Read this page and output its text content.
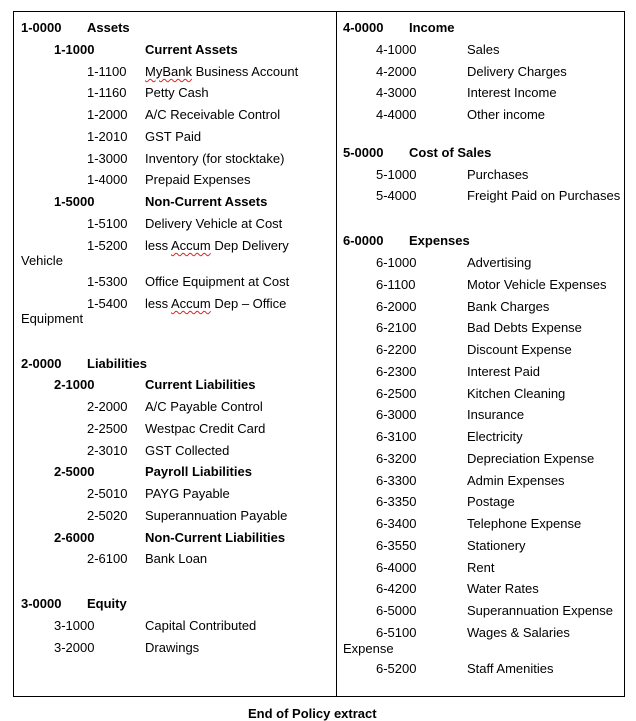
1-0000 Assets
1-1000	Current Assets
1-1100 MyBank Business Account
1-1160 Petty Cash
1-2000 A/C Receivable Control
1-2010 GST Paid
1-3000 Inventory (for stocktake)
1-4000 Prepaid Expenses
1-5000	Non-Current Assets
1-5100 Delivery Vehicle at Cost
1-5200 less Accum Dep Delivery
Vehicle
1-5300 Office Equipment at Cost
1-5400 less Accum Dep – Office
Equipment
2-0000 Liabilities
2-1000	Current Liabilities
2-2000 A/C Payable Control
2-2500 Westpac Credit Card
2-3010 GST Collected
2-5000	Payroll Liabilities
2-5010 PAYG Payable
2-5020 Superannuation Payable
2-6000	Non-Current Liabilities
2-6100 Bank Loan
3-0000 Equity
3-1000	Capital Contributed
3-2000	Drawings
4-0000 Income
4-1000	Sales
4-2000	Delivery Charges
4-3000	Interest Income
4-4000	Other income
5-0000 Cost of Sales
5-1000	Purchases
5-4000	Freight Paid on Purchases
6-0000 Expenses
6-1000	Advertising
6-1100	Motor Vehicle Expenses
6-2000	Bank Charges
6-2100	Bad Debts Expense
6-2200	Discount Expense
6-2300	Interest Paid
6-2500	Kitchen Cleaning
6-3000	Insurance
6-3100	Electricity
6-3200	Depreciation Expense
6-3300	Admin Expenses
6-3350	Postage
6-3400	Telephone Expense
6-3550	Stationery
6-4000	Rent
6-4200	Water Rates
6-5000	Superannuation Expense
6-5100	Wages & Salaries
Expense
6-5200	Staff Amenities
End of Policy extract
